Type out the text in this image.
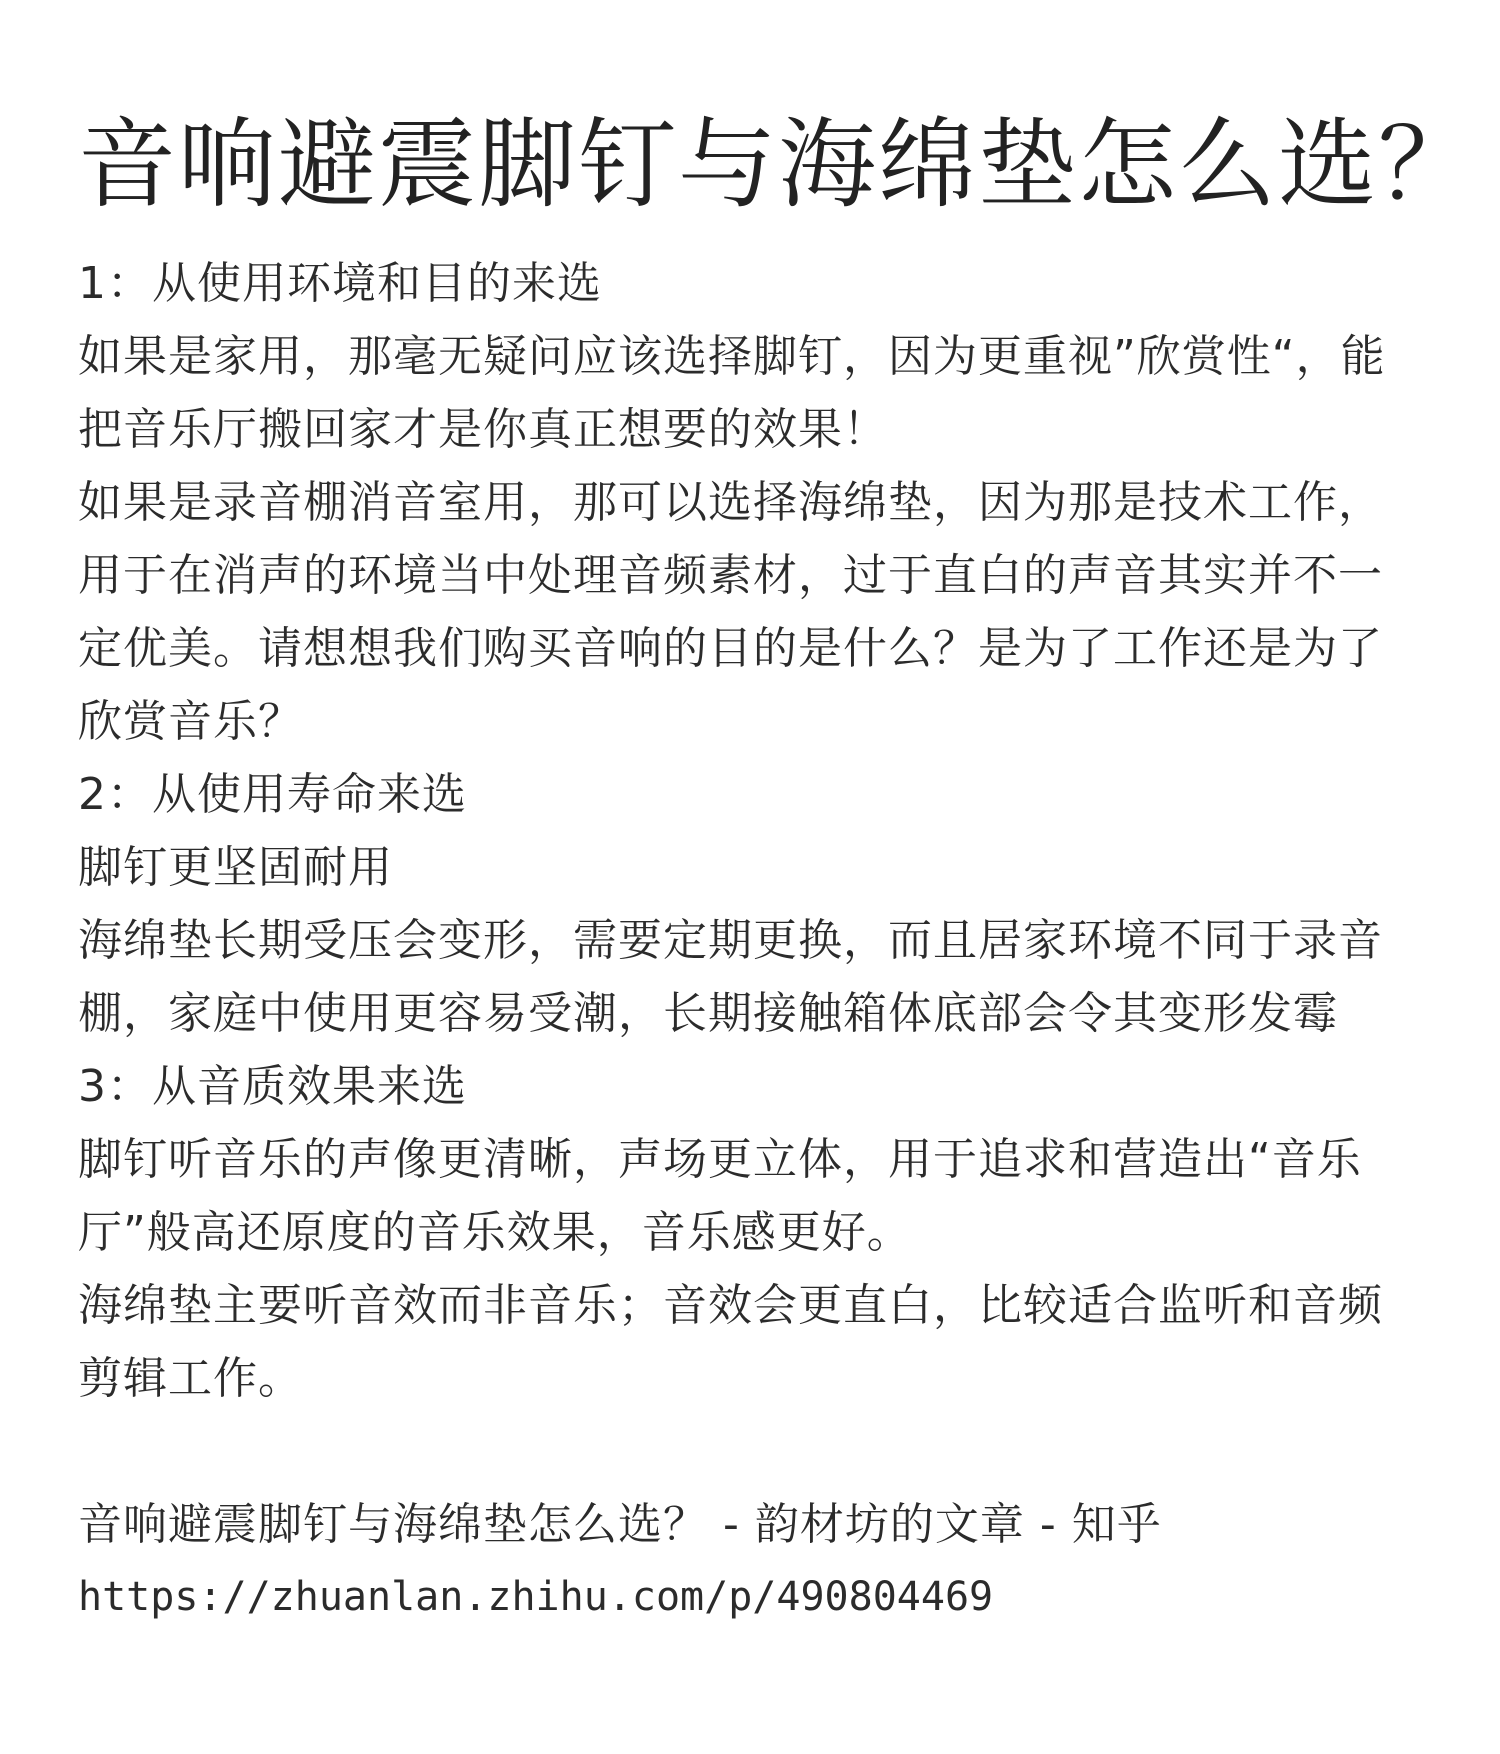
音响避震脚钉与海绵垫怎么选？

1：从使用环境和目的来选

如果是家用，那毫无疑问应该选择脚钉，因为更重视”欣赏性“，能把音乐厅搬回家才是你真正想要的效果！

如果是录音棚消音室用，那可以选择海绵垫，因为那是技术工作，用于在消声的环境当中处理音频素材，过于直白的声音其实并不一定优美。请想想我们购买音响的目的是什么？是为了工作还是为了欣赏音乐？

2：从使用寿命来选

脚钉更坚固耐用

海绵垫长期受压会变形，需要定期更换，而且居家环境不同于录音棚，家庭中使用更容易受潮，长期接触箱体底部会令其变形发霉

3：从音质效果来选

脚钉听音乐的声像更清晰，声场更立体，用于追求和营造出“音乐厅”般高还原度的音乐效果，音乐感更好。

海绵垫主要听音效而非音乐；音效会更直白，比较适合监听和音频剪辑工作。

音响避震脚钉与海绵垫怎么选？ - 韵材坊的文章 - 知乎

https://zhuanlan.zhihu.com/p/490804469
